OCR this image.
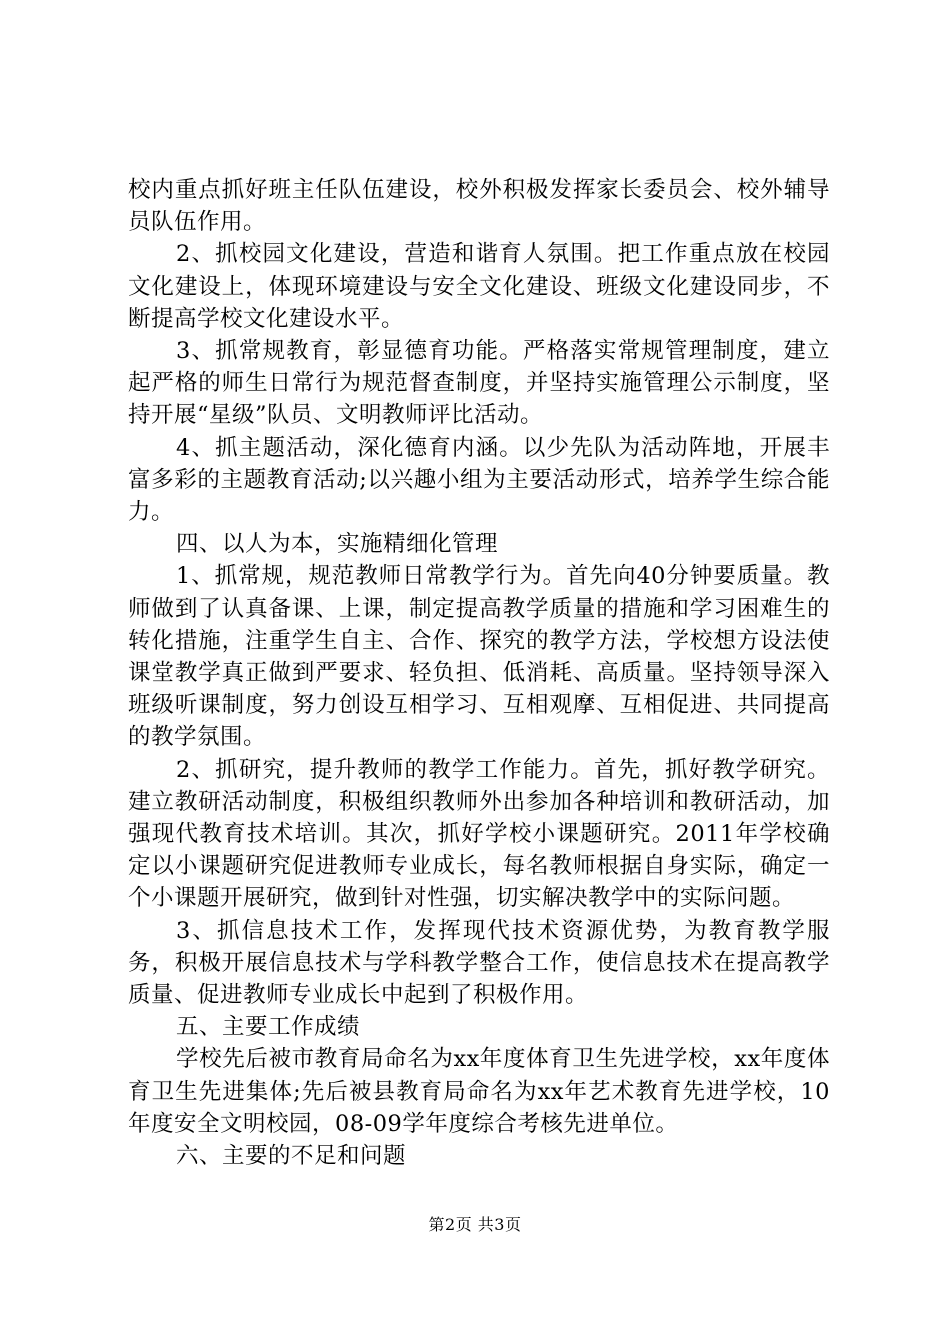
校内重点抓好班主任队伍建设，校外积极发挥家长委员会、校外辅导员队伍作用。

2、抓校园文化建设，营造和谐育人氛围。把工作重点放在校园文化建设上，体现环境建设与安全文化建设、班级文化建设同步，不断提高学校文化建设水平。

3、抓常规教育，彰显德育功能。严格落实常规管理制度，建立起严格的师生日常行为规范督查制度，并坚持实施管理公示制度，坚持开展“星级”队员、文明教师评比活动。

4、抓主题活动，深化德育内涵。以少先队为活动阵地，开展丰富多彩的主题教育活动;以兴趣小组为主要活动形式，培养学生综合能力。

四、以人为本，实施精细化管理

1、抓常规，规范教师日常教学行为。首先向40分钟要质量。教师做到了认真备课、上课，制定提高教学质量的措施和学习困难生的转化措施，注重学生自主、合作、探究的教学方法，学校想方设法使课堂教学真正做到严要求、轻负担、低消耗、高质量。坚持领导深入班级听课制度，努力创设互相学习、互相观摩、互相促进、共同提高的教学氛围。

2、抓研究，提升教师的教学工作能力。首先，抓好教学研究。建立教研活动制度，积极组织教师外出参加各种培训和教研活动，加强现代教育技术培训。其次，抓好学校小课题研究。2011年学校确定以小课题研究促进教师专业成长，每名教师根据自身实际，确定一个小课题开展研究，做到针对性强，切实解决教学中的实际问题。

3、抓信息技术工作，发挥现代技术资源优势，为教育教学服务，积极开展信息技术与学科教学整合工作，使信息技术在提高教学质量、促进教师专业成长中起到了积极作用。

五、主要工作成绩

学校先后被市教育局命名为xx年度体育卫生先进学校，xx年度体育卫生先进集体;先后被县教育局命名为xx年艺术教育先进学校，10年度安全文明校园，08-09学年度综合考核先进单位。

六、主要的不足和问题

第2页 共3页
